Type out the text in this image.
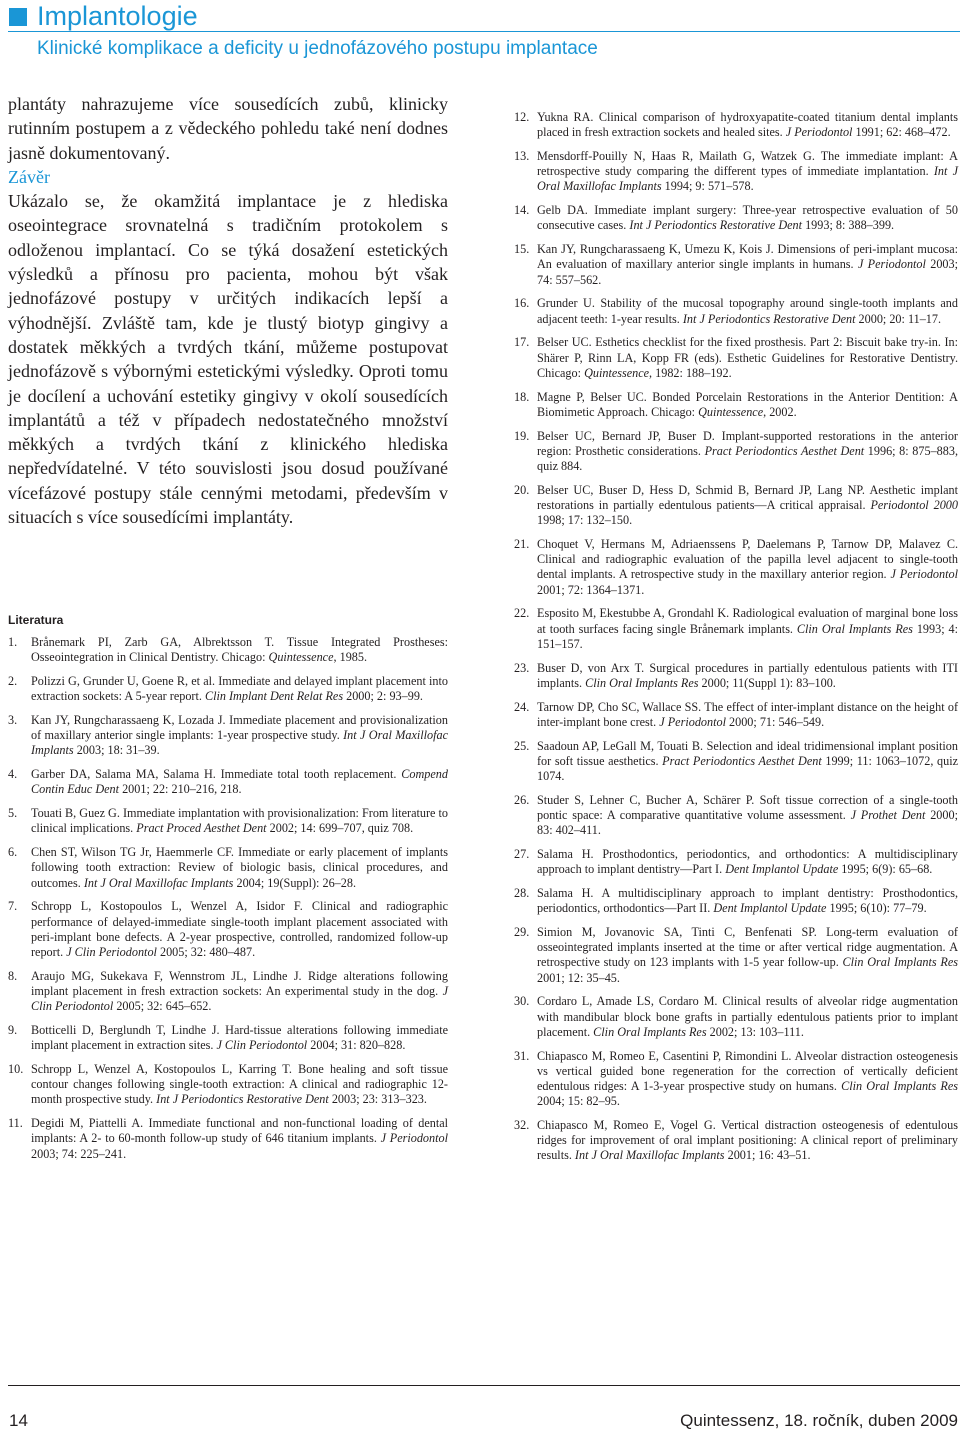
Implantologie
Klinické komplikace a deficity u jednofázového postupu implantace

plantáty nahrazujeme více sousedících zubů, klinicky rutinním postupem a z vědeckého pohledu také není dodnes jasně dokumentovaný.

Závěr

Ukázalo se, že okamžitá implantace je z hlediska oseointegrace srovnatelná s tradičním protokolem s odloženou implantací. Co se týká dosažení estetických výsledků a přínosu pro pacienta, mohou být však jednofázové postupy v určitých indikacích lepší a výhodnější. Zvláště tam, kde je tlustý biotyp gingivy a dostatek měkkých a tvrdých tkání, můžeme postupovat jednofázově s výbornými estetickými výsledky. Oproti tomu je docílení a uchování estetiky gingivy v okolí sousedících implantátů a též v případech nedostatečného množství měkkých a tvrdých tkání z klinického hlediska nepředvídatelné. V této souvislosti jsou dosud používané vícefázové postupy stále cennými metodami, především v situacích s více sousedícími implantáty.

Literatura
1. Brånemark PI, Zarb GA, Albrektsson T. Tissue Integrated Prostheses: Osseointegration in Clinical Dentistry. Chicago: Quintessence, 1985.
2. Polizzi G, Grunder U, Goene R, et al. Immediate and delayed implant placement into extraction sockets: A 5-year report. Clin Implant Dent Relat Res 2000; 2: 93–99.
3. Kan JY, Rungcharassaeng K, Lozada J. Immediate placement and provisionalization of maxillary anterior single implants: 1-year prospective study. Int J Oral Maxillofac Implants 2003; 18: 31–39.
4. Garber DA, Salama MA, Salama H. Immediate total tooth replacement. Compend Contin Educ Dent 2001; 22: 210–216, 218.
5. Touati B, Guez G. Immediate implantation with provisionalization: From literature to clinical implications. Pract Proced Aesthet Dent 2002; 14: 699–707, quiz 708.
6. Chen ST, Wilson TG Jr, Haemmerle CF. Immediate or early placement of implants following tooth extraction: Review of biologic basis, clinical procedures, and outcomes. Int J Oral Maxillofac Implants 2004; 19(Suppl): 26–28.
7. Schropp L, Kostopoulos L, Wenzel A, Isidor F. Clinical and radiographic performance of delayed-immediate single-tooth implant placement associated with peri-implant bone defects. A 2-year prospective, controlled, randomized follow-up report. J Clin Periodontol 2005; 32: 480–487.
8. Araujo MG, Sukekava F, Wennstrom JL, Lindhe J. Ridge alterations following implant placement in fresh extraction sockets: An experimental study in the dog. J Clin Periodontol 2005; 32: 645–652.
9. Botticelli D, Berglundh T, Lindhe J. Hard-tissue alterations following immediate implant placement in extraction sites. J Clin Periodontol 2004; 31: 820–828.
10. Schropp L, Wenzel A, Kostopoulos L, Karring T. Bone healing and soft tissue contour changes following single-tooth extraction: A clinical and radiographic 12-month prospective study. Int J Periodontics Restorative Dent 2003; 23: 313–323.
11. Degidi M, Piattelli A. Immediate functional and non-functional loading of dental implants: A 2- to 60-month follow-up study of 646 titanium implants. J Periodontol 2003; 74: 225–241.
12. Yukna RA. Clinical comparison of hydroxyapatite-coated titanium dental implants placed in fresh extraction sockets and healed sites. J Periodontol 1991; 62: 468–472.
13. Mensdorff-Pouilly N, Haas R, Mailath G, Watzek G. The immediate implant: A retrospective study comparing the different types of immediate implantation. Int J Oral Maxillofac Implants 1994; 9: 571–578.
14. Gelb DA. Immediate implant surgery: Three-year retrospective evaluation of 50 consecutive cases. Int J Periodontics Restorative Dent 1993; 8: 388–399.
15. Kan JY, Rungcharassaeng K, Umezu K, Kois J. Dimensions of peri-implant mucosa: An evaluation of maxillary anterior single implants in humans. J Periodontol 2003; 74: 557–562.
16. Grunder U. Stability of the mucosal topography around single-tooth implants and adjacent teeth: 1-year results. Int J Periodontics Restorative Dent 2000; 20: 11–17.
17. Belser UC. Esthetics checklist for the fixed prosthesis. Part 2: Biscuit bake try-in. In: Shärer P, Rinn LA, Kopp FR (eds). Esthetic Guidelines for Restorative Dentistry. Chicago: Quintessence, 1982: 188–192.
18. Magne P, Belser UC. Bonded Porcelain Restorations in the Anterior Dentition: A Biomimetic Approach. Chicago: Quintessence, 2002.
19. Belser UC, Bernard JP, Buser D. Implant-supported restorations in the anterior region: Prosthetic considerations. Pract Periodontics Aesthet Dent 1996; 8: 875–883, quiz 884.
20. Belser UC, Buser D, Hess D, Schmid B, Bernard JP, Lang NP. Aesthetic implant restorations in partially edentulous patients—A critical appraisal. Periodontol 2000 1998; 17: 132–150.
21. Choquet V, Hermans M, Adriaenssens P, Daelemans P, Tarnow DP, Malavez C. Clinical and radiographic evaluation of the papilla level adjacent to single-tooth dental implants. A retrospective study in the maxillary anterior region. J Periodontol 2001; 72: 1364–1371.
22. Esposito M, Ekestubbe A, Grondahl K. Radiological evaluation of marginal bone loss at tooth surfaces facing single Brånemark implants. Clin Oral Implants Res 1993; 4: 151–157.
23. Buser D, von Arx T. Surgical procedures in partially edentulous patients with ITI implants. Clin Oral Implants Res 2000; 11(Suppl 1): 83–100.
24. Tarnow DP, Cho SC, Wallace SS. The effect of inter-implant distance on the height of inter-implant bone crest. J Periodontol 2000; 71: 546–549.
25. Saadoun AP, LeGall M, Touati B. Selection and ideal tridimensional implant position for soft tissue aesthetics. Pract Periodontics Aesthet Dent 1999; 11: 1063–1072, quiz 1074.
26. Studer S, Lehner C, Bucher A, Schärer P. Soft tissue correction of a single-tooth pontic space: A comparative quantitative volume assessment. J Prothet Dent 2000; 83: 402–411.
27. Salama H. Prosthodontics, periodontics, and orthodontics: A multidisciplinary approach to implant dentistry—Part I. Dent Implantol Update 1995; 6(9): 65–68.
28. Salama H. A multidisciplinary approach to implant dentistry: Prosthodontics, periodontics, orthodontics—Part II. Dent Implantol Update 1995; 6(10): 77–79.
29. Simion M, Jovanovic SA, Tinti C, Benfenati SP. Long-term evaluation of osseointegrated implants inserted at the time or after vertical ridge augmentation. A retrospective study on 123 implants with 1-5 year follow-up. Clin Oral Implants Res 2001; 12: 35–45.
30. Cordaro L, Amade LS, Cordaro M. Clinical results of alveolar ridge augmentation with mandibular block bone grafts in partially edentulous patients prior to implant placement. Clin Oral Implants Res 2002; 13: 103–111.
31. Chiapasco M, Romeo E, Casentini P, Rimondini L. Alveolar distraction osteogenesis vs vertical guided bone regeneration for the correction of vertically deficient edentulous ridges: A 1-3-year prospective study on humans. Clin Oral Implants Res 2004; 15: 82–95.
32. Chiapasco M, Romeo E, Vogel G. Vertical distraction osteogenesis of edentulous ridges for improvement of oral implant positioning: A clinical report of preliminary results. Int J Oral Maxillofac Implants 2001; 16: 43–51.
14	Quintessenz, 18. ročník, duben 2009
